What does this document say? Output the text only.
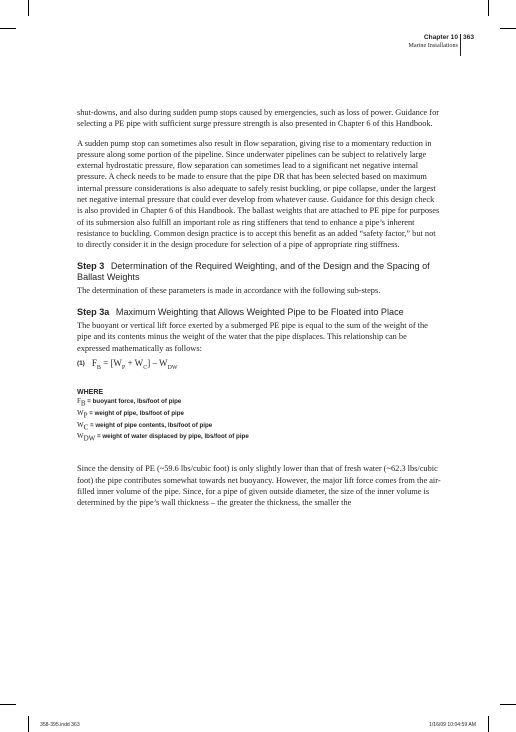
Chapter 10
Marine Installations
363

shut-downs, and also during sudden pump stops caused by emergencies, such as loss of power. Guidance for selecting a PE pipe with sufficient surge pressure strength is also presented in Chapter 6 of this Handbook.

A sudden pump stop can sometimes also result in flow separation, giving rise to a momentary reduction in pressure along some portion of the pipeline. Since underwater pipelines can be subject to relatively large external hydrostatic pressure, flow separation can sometimes lead to a significant net negative internal pressure. A check needs to be made to ensure that the pipe DR that has been selected based on maximum internal pressure considerations is also adequate to safely resist buckling, or pipe collapse, under the largest net negative internal pressure that could ever develop from whatever cause. Guidance for this design check is also provided in Chapter 6 of this Handbook. The ballast weights that are attached to PE pipe for purposes of its submersion also fulfill an important role as ring stiffeners that tend to enhance a pipe’s inherent resistance to buckling. Common design practice is to accept this benefit as an added “safety factor,” but not to directly consider it in the design procedure for selection of a pipe of appropriate ring stiffness.

Step 3 Determination of the Required Weighting, and of the Design and the Spacing of Ballast Weights

The determination of these parameters is made in accordance with the following sub-steps.

Step 3a Maximum Weighting that Allows Weighted Pipe to be Floated into Place

The buoyant or vertical lift force exerted by a submerged PE pipe is equal to the sum of the weight of the pipe and its contents minus the weight of the water that the pipe displaces. This relationship can be expressed mathematically as follows:

(1) $F_B = [W_P + W_C] - W_{DW}$
WHERE
$F_B$ = buoyant force, lbs/foot of pipe
$W_P$ = weight of pipe, lbs/foot of pipe
$W_C$ = weight of pipe contents, lbs/foot of pipe
$W_{DW}$ = weight of water displaced by pipe, lbs/foot of pipe

Since the density of PE (~59.6 lbs/cubic foot) is only slightly lower than that of fresh water (~62.3 lbs/cubic foot) the pipe contributes somewhat towards net buoyancy. However, the major lift force comes from the air-filled inner volume of the pipe. Since, for a pipe of given outside diameter, the size of the inner volume is determined by the pipe’s wall thickness – the greater the thickness, the smaller the

358-395.indd 363	1/16/09 10:04:59 AM
